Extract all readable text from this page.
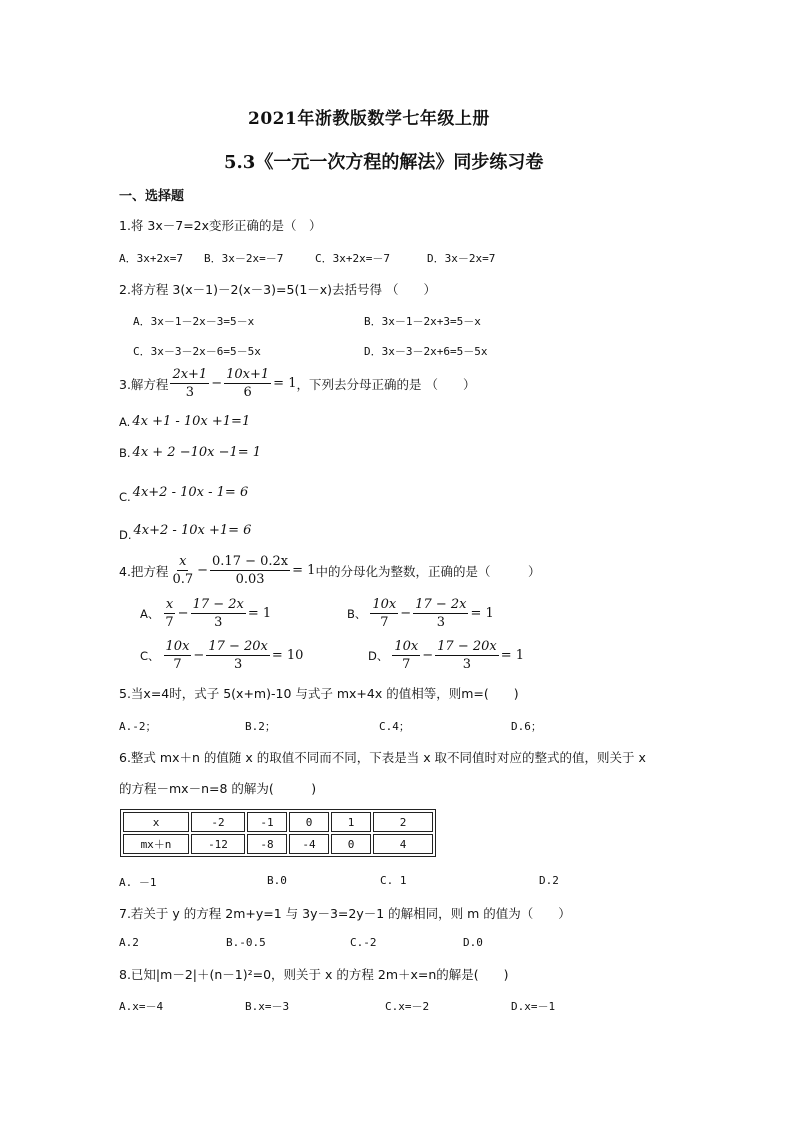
2021年浙教版数学七年级上册
5.3《一元一次方程的解法》同步练习卷
一、选择题
1.将 3x－7=2x变形正确的是（　）
A．3x+2x=7 B．3x－2x=－7	C．3x+2x=－7	D．3x－2x=7
2.将方程 3(x－1)－2(x－3)=5(1－x)去括号得 （　　）
A．3x－1－2x－3=5－x	B．3x－1－2x+3=5－x
C．3x－3－2x－6=5－5x	D．3x－3－2x+6=5－5x
3.解方程 $\frac{2x+1}{3} - \frac{10x+1}{6} = 1$ ，下列去分母正确的是 （　　）
A. 4x +1 - 10x +1=1
B. 4x + 2 −10x −1= 1
C. 4x+2 - 10x - 1= 6
D. 4x+2 - 10x +1= 6
4.把方程 $\frac{x}{0.7} - \frac{0.17 - 0.2x}{0.03} = 1$ 中的分母化为整数，正确的是（　　　）
A、 $\frac{x}{7} - \frac{17 - 2x}{3} = 1$	B、 $\frac{10x}{7} - \frac{17 - 2x}{3} = 1$
C、 $\frac{10x}{7} - \frac{17 - 20x}{3} = 10$	D、 $\frac{10x}{7} - \frac{17 - 20x}{3} = 1$
5.当x=4时，式子 5(x+m)-10 与式子 mx+4x 的值相等，则m=(　　)
A.-2；	B.2；	C.4；	D.6；
6.整式 mx＋n 的值随 x 的取值不同而不同，下表是当 x 取不同值时对应的整式的值，则关于 x
的方程－mx－n=8 的解为(　　　)
x	-2	-1	0	1	2
mx＋n	-12	-8	-4	0	4
A. －1	B.0	C. 1	D.2
7.若关于 y 的方程 2m+y=1 与 3y－3=2y－1 的解相同，则 m 的值为（　　）
A.2	B.-0.5	C.-2	D.0
8.已知|m－2|＋(n－1)²=0，则关于 x 的方程 2m＋x=n的解是(　　)
A.x=－4	B.x=－3	C.x=－2	D.x=－1
